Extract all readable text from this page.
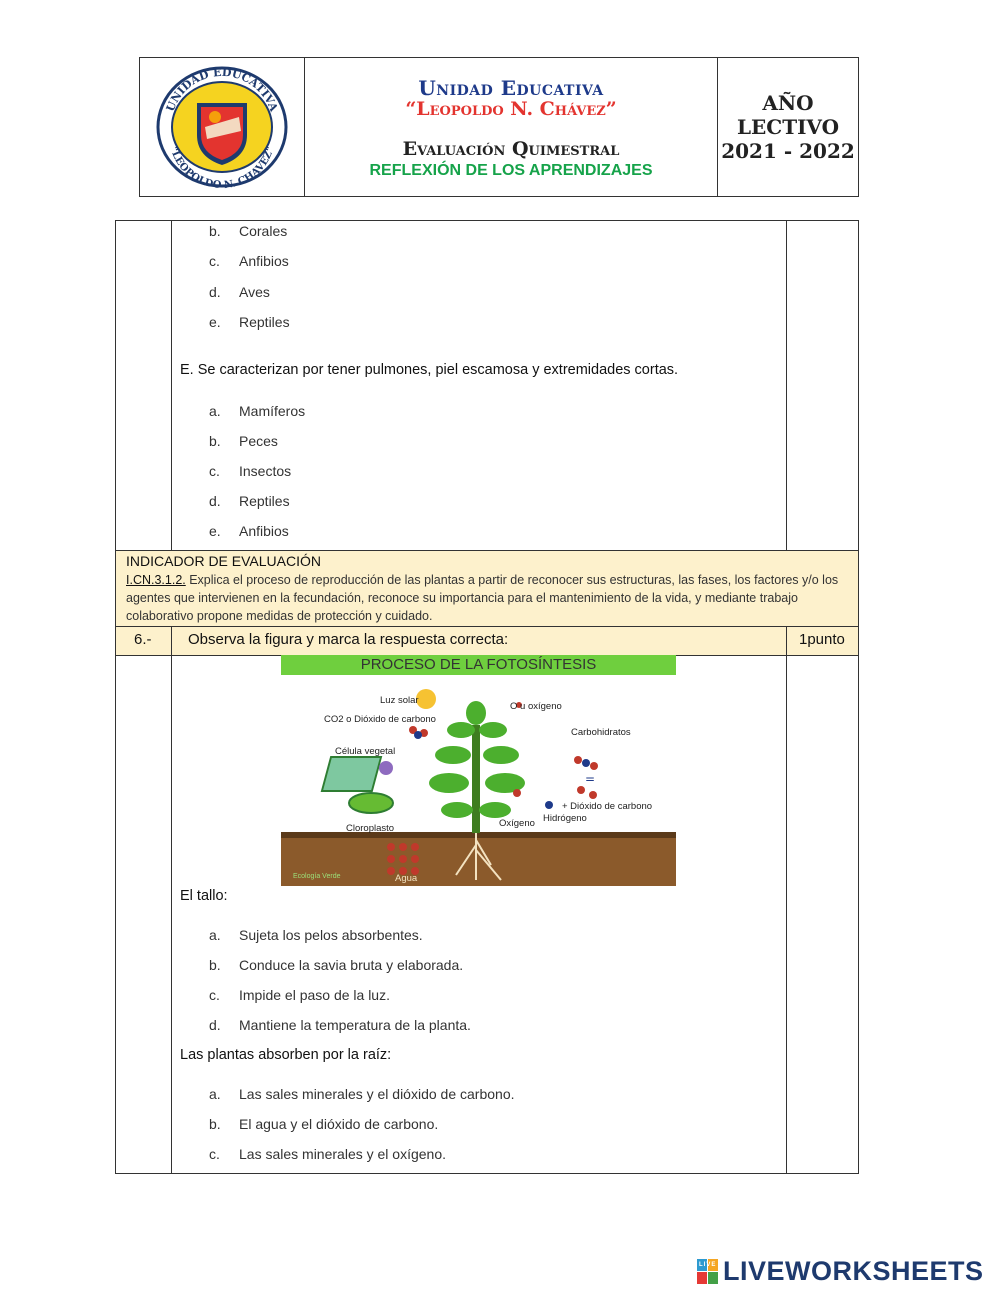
UNIDAD EDUCATIVA
"LEOPOLDO N. CHAVEZ"
Unidad Educativa
“Leopoldo N. Chávez”
Evaluación Quimestral
REFLEXIÓN DE LOS APRENDIZAJES
AÑO
LECTIVO
2021 - 2022
b.	Corales
c.	Anfibios
d.	Aves
e.	Reptiles
E. Se caracterizan por tener pulmones, piel escamosa y extremidades cortas.
a.	Mamíferos
b.	Peces
c.	Insectos
d.	Reptiles
e.	Anfibios
INDICADOR DE EVALUACIÓN
I.CN.3.1.2. Explica el proceso de reproducción de las plantas a partir de reconocer sus estructuras, las fases, los factores y/o los agentes que intervienen en la fecundación, reconoce su importancia para el mantenimiento de la vida, y mediante trabajo colaborativo propone medidas de protección y cuidado.
6.- Observa la figura y marca la respuesta correcta:	1punto
PROCESO DE LA FOTOSÍNTESIS
=
Luz solar
CO2 o Dióxido de carbono
Célula vegetal
Cloroplasto
O u oxígeno
Carbohidratos
+ Dióxido de carbono
Oxígeno Hidrógeno
Agua
Ecología Verde
El tallo:
a.	Sujeta los pelos absorbentes.
b.	Conduce la savia bruta y elaborada.
c.	Impide el paso de la luz.
d.	Mantiene la temperatura de la planta.
Las plantas absorben por la raíz:
a.	Las sales minerales y el dióxido de carbono.
b.	El agua y el dióxido de carbono.
c.	Las sales minerales y el oxígeno.
LIVEWORKSHEETS
LIVE
